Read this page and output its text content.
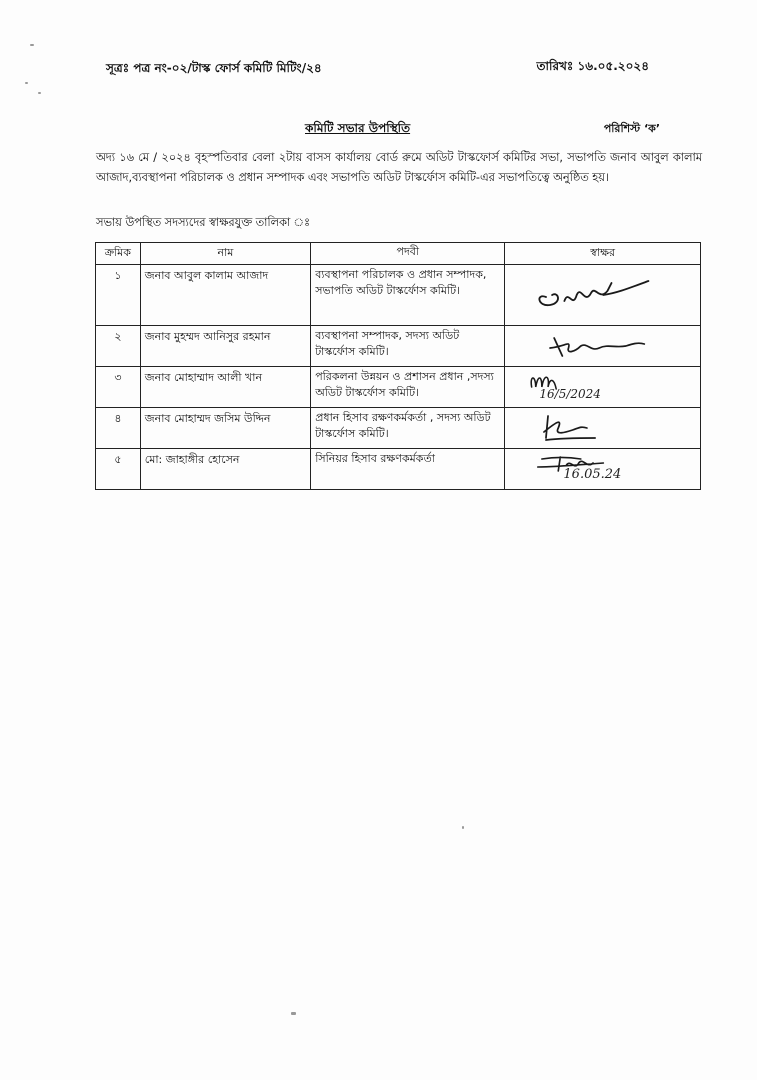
সূত্রঃ পত্র নং-০২/টাস্ক ফোর্স কমিটি মিটিং/২৪	তারিখঃ ১৬.০৫.২০২৪
কমিটি সভার উপস্থিতি	পরিশিস্ট ‘ক’
অদ্য ১৬ মে / ২০২৪ বৃহস্পতিবার বেলা ২টায় বাসস কার্যালয় বোর্ড রুমে অডিট টাস্কফোর্স কমিটির সভা, সভাপতি জনাব আবুল কালাম আজাদ,ব্যবস্থাপনা পরিচালক ও প্রধান সম্পাদক এবং সভাপতি অডিট টাস্কর্ফোস কমিটি-এর সভাপতিত্বে অনুষ্ঠিত হয়।
সভায় উপস্থিত সদস্যদের স্বাক্ষরযুক্ত তালিকা ঃ
ক্রমিক	নাম	পদবী	স্বাক্ষর
১	জনাব আবুল কালাম আজাদ	ব্যবস্থাপনা পরিচালক ও প্রধান সম্পাদক, সভাপতি অডিট টাস্কর্ফোস কমিটি।	

২	জনাব মুহম্মদ আনিসুর রহমান	ব্যবস্থাপনা সম্পাদক, সদস্য অডিট টাস্কর্ফোস কমিটি।	

৩	জনাব মোহাম্মাদ আলী খান	পরিকলনা উন্নয়ন ও প্রশাসন প্রধান ,সদস্য অডিট টাস্কর্ফোস কমিটি।	16/5/2024

৪	জনাব মোহাম্মদ জসিম উদ্দিন	প্রধান হিসাব রক্ষণকর্মকর্তা , সদস্য অডিট টাস্কর্ফোস কমিটি।	

৫	মো: জাহাঙ্গীর হোসেন	সিনিয়র হিসাব রক্ষণকর্মকর্তা	16.05.24
